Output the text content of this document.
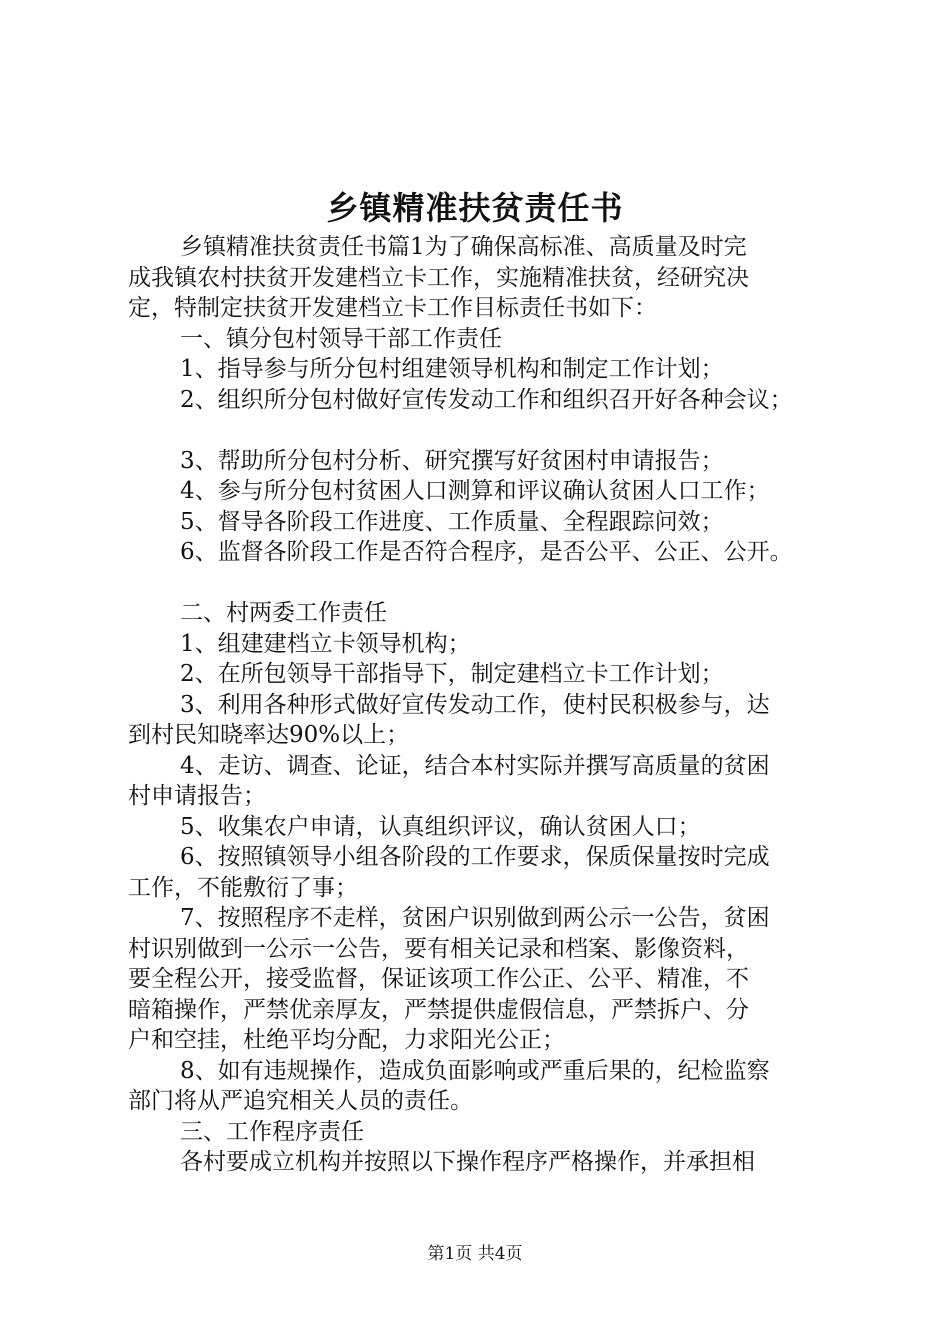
乡镇精准扶贫责任书

乡镇精准扶贫责任书篇1为了确保高标准、高质量及时完

成我镇农村扶贫开发建档立卡工作，实施精准扶贫，经研究决

定，特制定扶贫开发建档立卡工作目标责任书如下：

一、镇分包村领导干部工作责任

1、指导参与所分包村组建领导机构和制定工作计划；

2、组织所分包村做好宣传发动工作和组织召开好各种会议；

3、帮助所分包村分析、研究撰写好贫困村申请报告；

4、参与所分包村贫困人口测算和评议确认贫困人口工作；

5、督导各阶段工作进度、工作质量、全程跟踪问效；

6、监督各阶段工作是否符合程序，是否公平、公正、公开。

二、村两委工作责任

1、组建建档立卡领导机构；

2、在所包领导干部指导下，制定建档立卡工作计划；

3、利用各种形式做好宣传发动工作，使村民积极参与，达

到村民知晓率达90%以上；

4、走访、调查、论证，结合本村实际并撰写高质量的贫困

村申请报告；

5、收集农户申请，认真组织评议，确认贫困人口；

6、按照镇领导小组各阶段的工作要求，保质保量按时完成

工作，不能敷衍了事；

7、按照程序不走样，贫困户识别做到两公示一公告，贫困

村识别做到一公示一公告，要有相关记录和档案、影像资料，

要全程公开，接受监督，保证该项工作公正、公平、精准，不

暗箱操作，严禁优亲厚友，严禁提供虚假信息，严禁拆户、分

户和空挂，杜绝平均分配，力求阳光公正；

8、如有违规操作，造成负面影响或严重后果的，纪检监察

部门将从严追究相关人员的责任。

三、工作程序责任

各村要成立机构并按照以下操作程序严格操作，并承担相

第1页 共4页
